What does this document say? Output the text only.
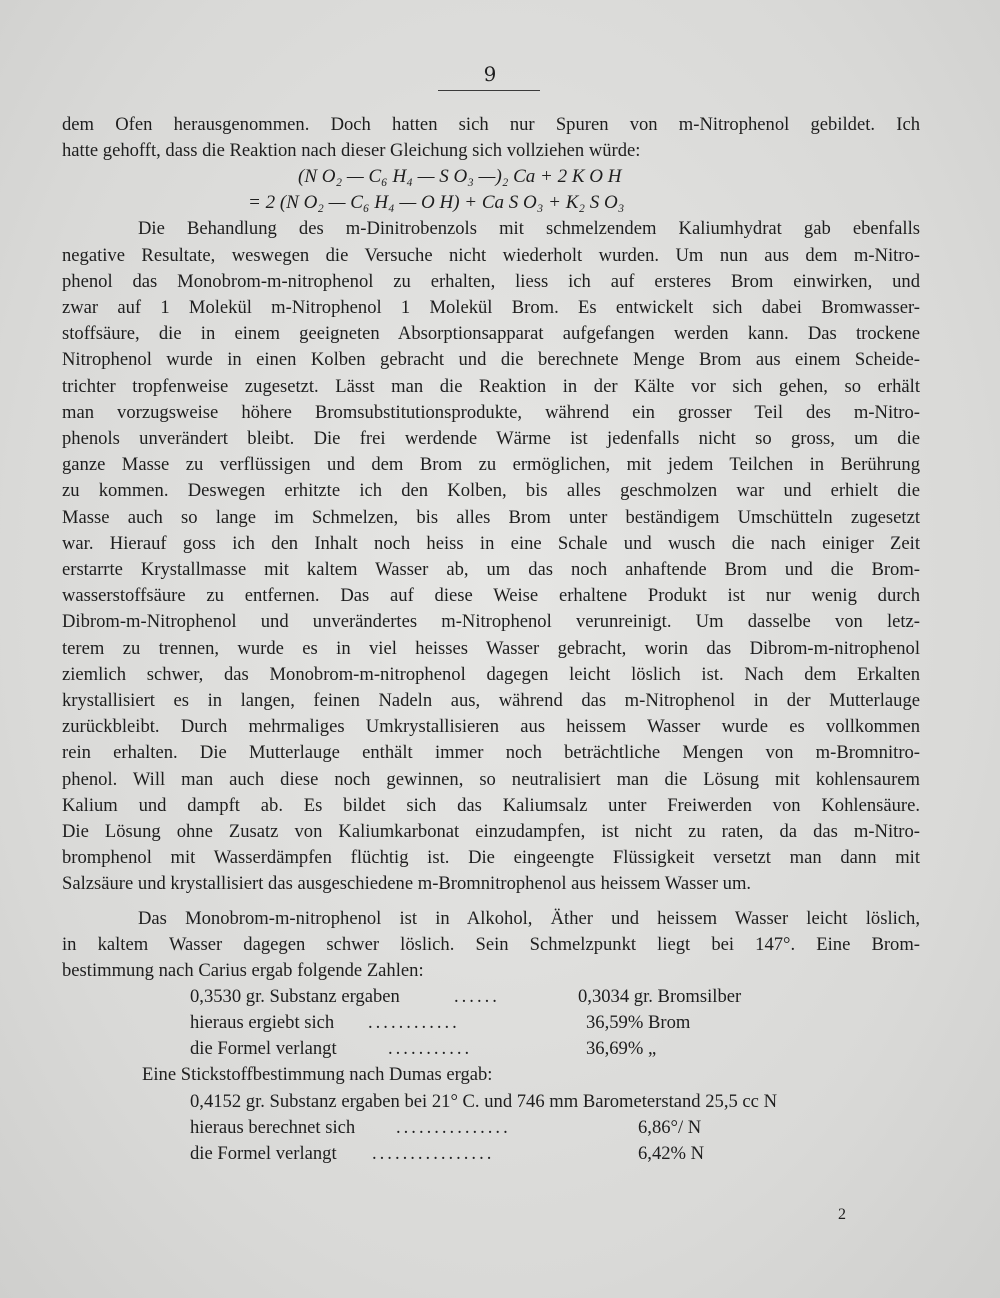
9
dem Ofen herausgenommen. Doch hatten sich nur Spuren von m-Nitrophenol gebildet. Ich
hatte gehofft, dass die Reaktion nach dieser Gleichung sich vollziehen würde:
(N O₂ — C₆ H₄ — S O₃ —)₂ Ca + 2 K O H
= 2 (N O₂ — C₆ H₄ — O H) + Ca S O₃ + K₂ S O₃
Die Behandlung des m-Dinitrobenzols mit schmelzendem Kaliumhydrat gab ebenfalls
negative Resultate, weswegen die Versuche nicht wiederholt wurden. Um nun aus dem m-Nitro-
phenol das Monobrom-m-nitrophenol zu erhalten, liess ich auf ersteres Brom einwirken, und
zwar auf 1 Molekül m-Nitrophenol 1 Molekül Brom. Es entwickelt sich dabei Bromwasser-
stoffsäure, die in einem geeigneten Absorptionsapparat aufgefangen werden kann. Das trockene
Nitrophenol wurde in einen Kolben gebracht und die berechnete Menge Brom aus einem Scheide-
trichter tropfenweise zugesetzt. Lässt man die Reaktion in der Kälte vor sich gehen, so erhält
man vorzugsweise höhere Bromsubstitutionsprodukte, während ein grosser Teil des m-Nitro-
phenols unverändert bleibt. Die frei werdende Wärme ist jedenfalls nicht so gross, um die
ganze Masse zu verflüssigen und dem Brom zu ermöglichen, mit jedem Teilchen in Berührung
zu kommen. Deswegen erhitzte ich den Kolben, bis alles geschmolzen war und erhielt die
Masse auch so lange im Schmelzen, bis alles Brom unter beständigem Umschütteln zugesetzt
war. Hierauf goss ich den Inhalt noch heiss in eine Schale und wusch die nach einiger Zeit
erstarrte Krystallmasse mit kaltem Wasser ab, um das noch anhaftende Brom und die Brom-
wasserstoffsäure zu entfernen. Das auf diese Weise erhaltene Produkt ist nur wenig durch
Dibrom-m-Nitrophenol und unverändertes m-Nitrophenol verunreinigt. Um dasselbe von letz-
terem zu trennen, wurde es in viel heisses Wasser gebracht, worin das Dibrom-m-nitrophenol
ziemlich schwer, das Monobrom-m-nitrophenol dagegen leicht löslich ist. Nach dem Erkalten
krystallisiert es in langen, feinen Nadeln aus, während das m-Nitrophenol in der Mutterlauge
zurückbleibt. Durch mehrmaliges Umkrystallisieren aus heissem Wasser wurde es vollkommen
rein erhalten. Die Mutterlauge enthält immer noch beträchtliche Mengen von m-Bromnitro-
phenol. Will man auch diese noch gewinnen, so neutralisiert man die Lösung mit kohlensaurem
Kalium und dampft ab. Es bildet sich das Kaliumsalz unter Freiwerden von Kohlensäure.
Die Lösung ohne Zusatz von Kaliumkarbonat einzudampfen, ist nicht zu raten, da das m-Nitro-
bromphenol mit Wasserdämpfen flüchtig ist. Die eingeengte Flüssigkeit versetzt man dann mit
Salzsäure und krystallisiert das ausgeschiedene m-Bromnitrophenol aus heissem Wasser um.
Das Monobrom-m-nitrophenol ist in Alkohol, Äther und heissem Wasser leicht löslich,
in kaltem Wasser dagegen schwer löslich. Sein Schmelzpunkt liegt bei 147°. Eine Brom-
bestimmung nach Carius ergab folgende Zahlen:
0,3530 gr. Substanz ergaben	......	0,3034 gr. Bromsilber
hieraus ergiebt sich ............	36,59% Brom
die Formel verlangt	...........	36,69% „
Eine Stickstoffbestimmung nach Dumas ergab:
0,4152 gr. Substanz ergaben bei 21° C. und 746 mm Barometerstand 25,5 cc N
hieraus berechnet sich ...............	6,86°/ N
die Formel verlangt ................	6,42% N
2
